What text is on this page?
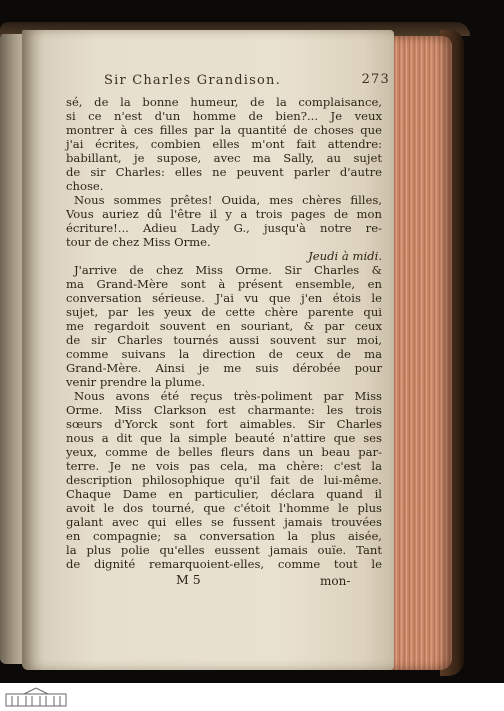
Sir Charles Grandison.	273
sé, de la bonne humeur, de la complaisance,
si ce n'est d'un homme de bien?... Je veux
montrer à ces filles par la quantité de choses que
j'ai écrites, combien elles m'ont fait attendre:
babillant, je supose, avec ma Sally, au sujet
de sir Charles: elles ne peuvent parler d'autre
chose.
Nous sommes prêtes! Ouida, mes chères filles,
Vous auriez dû l'être il y a trois pages de mon
écriture!... Adieu Lady G., jusqu'à notre re-
tour de chez Miss Orme.
Jeudi à midi.
J'arrive de chez Miss Orme. Sir Charles &
ma Grand-Mère sont à présent ensemble, en
conversation sérieuse. J'ai vu que j'en étois le
sujet, par les yeux de cette chère parente qui
me regardoit souvent en souriant, & par ceux
de sir Charles tournés aussi souvent sur moi,
comme suivans la direction de ceux de ma
Grand-Mère. Ainsi je me suis dérobée pour
venir prendre la plume.
Nous avons été reçus très-poliment par Miss
Orme. Miss Clarkson est charmante: les trois
sœurs d'Yorck sont fort aimables. Sir Charles
nous a dit que la simple beauté n'attire que ses
yeux, comme de belles fleurs dans un beau par-
terre. Je ne vois pas cela, ma chère: c'est la
description philosophique qu'il fait de lui-même.
Chaque Dame en particulier, déclara quand il
avoit le dos tourné, que c'étoit l'homme le plus
galant avec qui elles se fussent jamais trouvées
en compagnie; sa conversation la plus aisée,
la plus polie qu'elles eussent jamais ouïe. Tant
de dignité remarquoient-elles, comme tout le
M 5	mon-
